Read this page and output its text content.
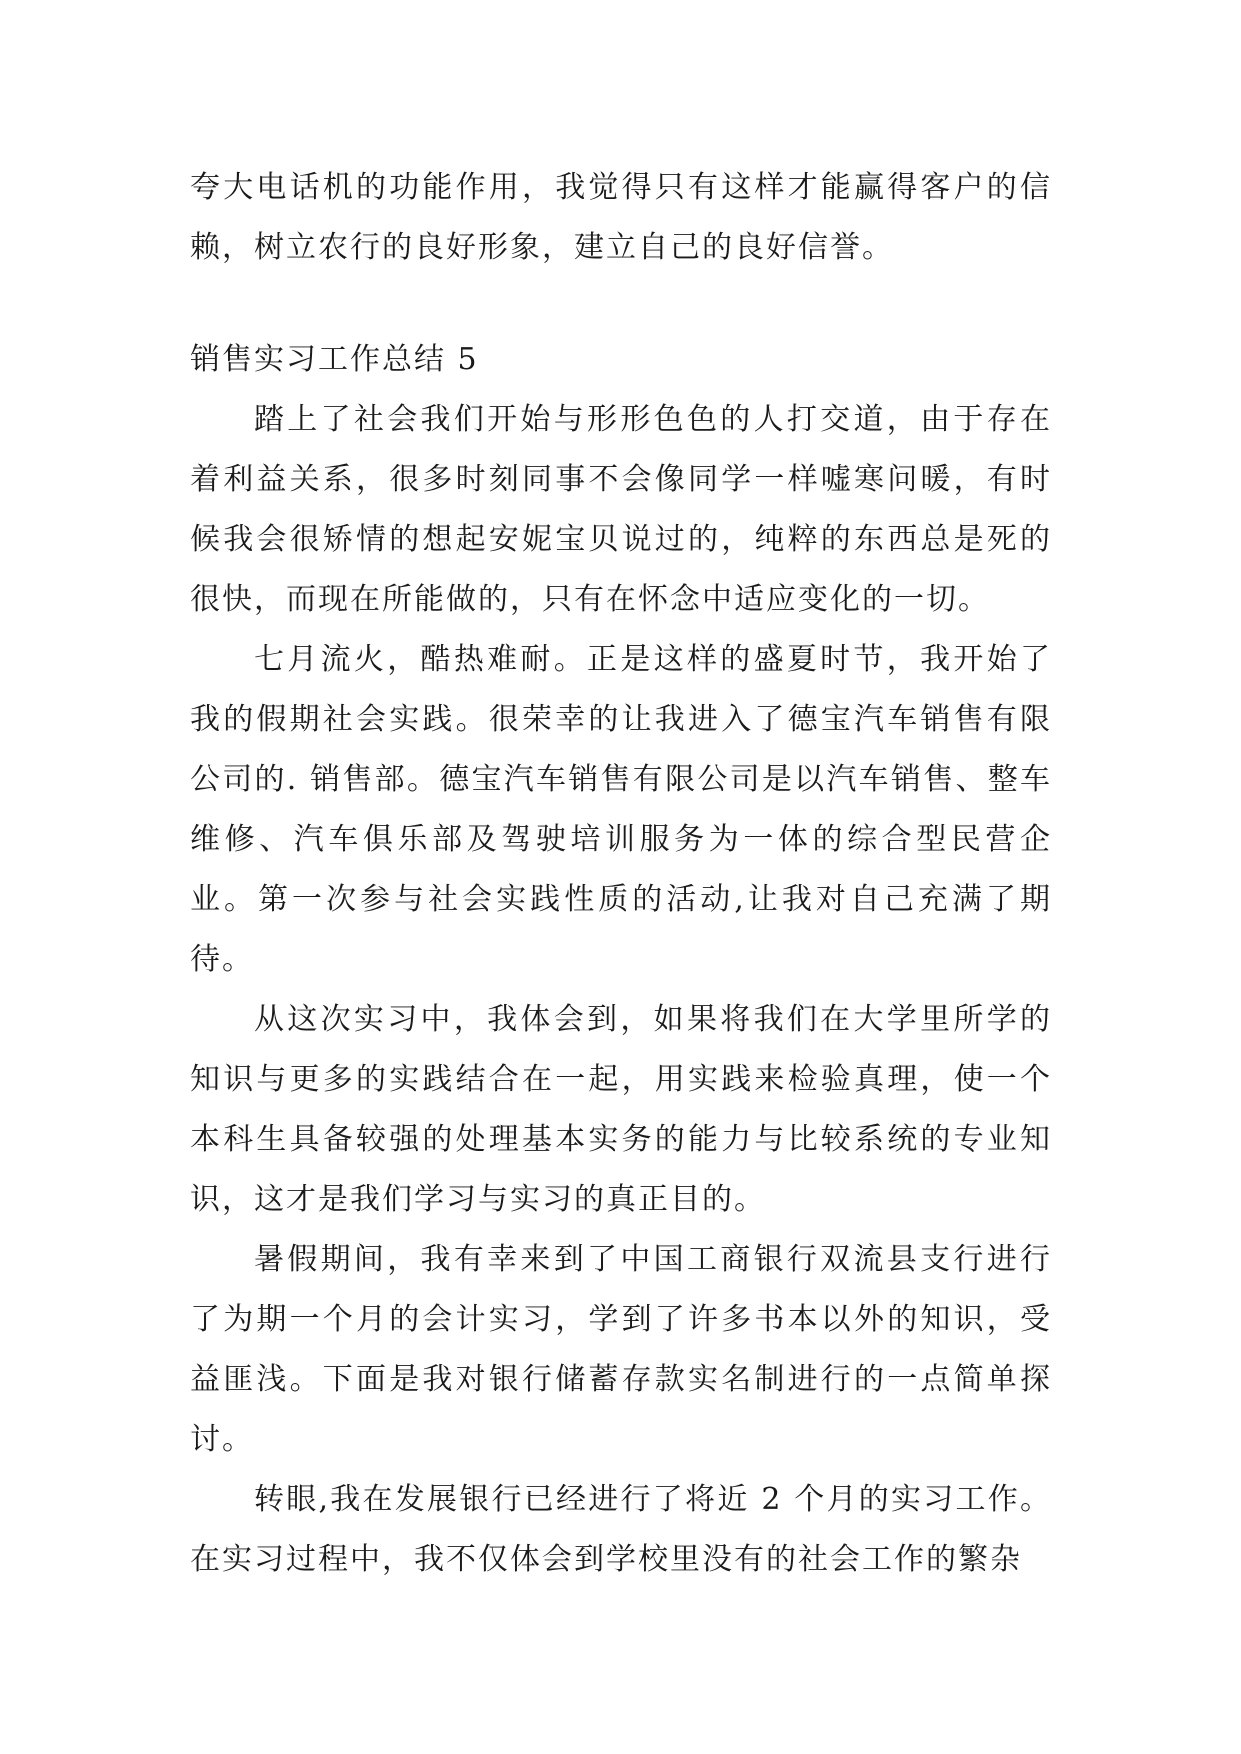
夸大电话机的功能作用，我觉得只有这样才能赢得客户的信赖，树立农行的良好形象，建立自己的良好信誉。

销售实习工作总结 5

踏上了社会我们开始与形形色色的人打交道，由于存在着利益关系，很多时刻同事不会像同学一样嘘寒问暖，有时候我会很矫情的想起安妮宝贝说过的，纯粹的东西总是死的很快，而现在所能做的，只有在怀念中适应变化的一切。

七月流火，酷热难耐。正是这样的盛夏时节，我开始了我的假期社会实践。很荣幸的让我进入了德宝汽车销售有限公司的. 销售部。德宝汽车销售有限公司是以汽车销售、整车维修、汽车俱乐部及驾驶培训服务为一体的综合型民营企业。第一次参与社会实践性质的活动,让我对自己充满了期待。

从这次实习中，我体会到，如果将我们在大学里所学的知识与更多的实践结合在一起，用实践来检验真理，使一个本科生具备较强的处理基本实务的能力与比较系统的专业知识，这才是我们学习与实习的真正目的。

暑假期间，我有幸来到了中国工商银行双流县支行进行了为期一个月的会计实习，学到了许多书本以外的知识，受益匪浅。下面是我对银行储蓄存款实名制进行的一点简单探讨。

转眼,我在发展银行已经进行了将近 2 个月的实习工作。在实习过程中，我不仅体会到学校里没有的社会工作的繁杂
